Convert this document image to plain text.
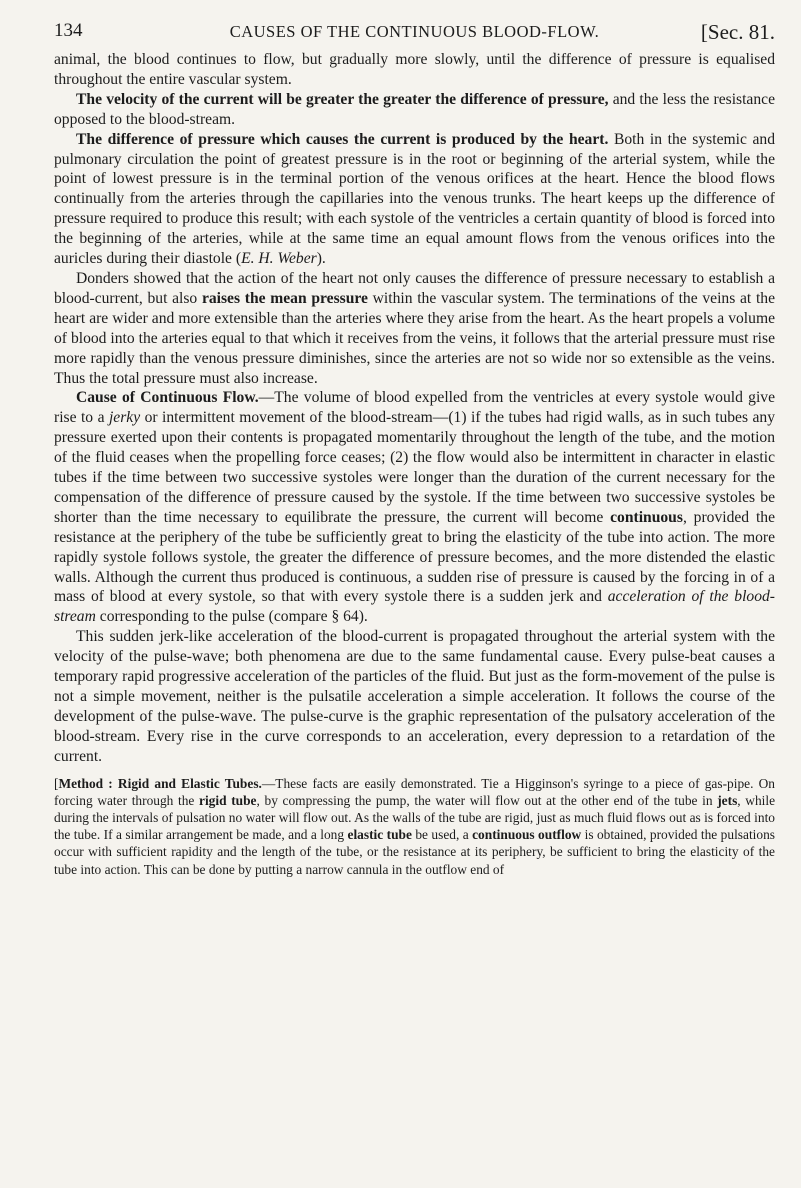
134	CAUSES OF THE CONTINUOUS BLOOD-FLOW.	[Sec. 81.

animal, the blood continues to flow, but gradually more slowly, until the difference of pressure is equalised throughout the entire vascular system.

The velocity of the current will be greater the greater the difference of pressure, and the less the resistance opposed to the blood-stream.

The difference of pressure which causes the current is produced by the heart. Both in the systemic and pulmonary circulation the point of greatest pressure is in the root or beginning of the arterial system, while the point of lowest pressure is in the terminal portion of the venous orifices at the heart. Hence the blood flows continually from the arteries through the capillaries into the venous trunks. The heart keeps up the difference of pressure required to produce this result; with each systole of the ventricles a certain quantity of blood is forced into the beginning of the arteries, while at the same time an equal amount flows from the venous orifices into the auricles during their diastole (E. H. Weber).

Donders showed that the action of the heart not only causes the difference of pressure necessary to establish a blood-current, but also raises the mean pressure within the vascular system. The terminations of the veins at the heart are wider and more extensible than the arteries where they arise from the heart. As the heart propels a volume of blood into the arteries equal to that which it receives from the veins, it follows that the arterial pressure must rise more rapidly than the venous pressure diminishes, since the arteries are not so wide nor so extensible as the veins. Thus the total pressure must also increase.

Cause of Continuous Flow.—The volume of blood expelled from the ventricles at every systole would give rise to a jerky or intermittent movement of the blood-stream—(1) if the tubes had rigid walls, as in such tubes any pressure exerted upon their contents is propagated momentarily throughout the length of the tube, and the motion of the fluid ceases when the propelling force ceases; (2) the flow would also be intermittent in character in elastic tubes if the time between two successive systoles were longer than the duration of the current necessary for the compensation of the difference of pressure caused by the systole. If the time between two successive systoles be shorter than the time necessary to equilibrate the pressure, the current will become continuous, provided the resistance at the periphery of the tube be sufficiently great to bring the elasticity of the tube into action. The more rapidly systole follows systole, the greater the difference of pressure becomes, and the more distended the elastic walls. Although the current thus produced is continuous, a sudden rise of pressure is caused by the forcing in of a mass of blood at every systole, so that with every systole there is a sudden jerk and acceleration of the blood-stream corresponding to the pulse (compare § 64).

This sudden jerk-like acceleration of the blood-current is propagated throughout the arterial system with the velocity of the pulse-wave; both phenomena are due to the same fundamental cause. Every pulse-beat causes a temporary rapid progressive acceleration of the particles of the fluid. But just as the form-movement of the pulse is not a simple movement, neither is the pulsatile acceleration a simple acceleration. It follows the course of the development of the pulse-wave. The pulse-curve is the graphic representation of the pulsatory acceleration of the blood-stream. Every rise in the curve corresponds to an acceleration, every depression to a retardation of the current.

[Method : Rigid and Elastic Tubes.—These facts are easily demonstrated. Tie a Higginson's syringe to a piece of gas-pipe. On forcing water through the rigid tube, by compressing the pump, the water will flow out at the other end of the tube in jets, while during the intervals of pulsation no water will flow out. As the walls of the tube are rigid, just as much fluid flows out as is forced into the tube. If a similar arrangement be made, and a long elastic tube be used, a continuous outflow is obtained, provided the pulsations occur with sufficient rapidity and the length of the tube, or the resistance at its periphery, be sufficient to bring the elasticity of the tube into action. This can be done by putting a narrow cannula in the outflow end of
